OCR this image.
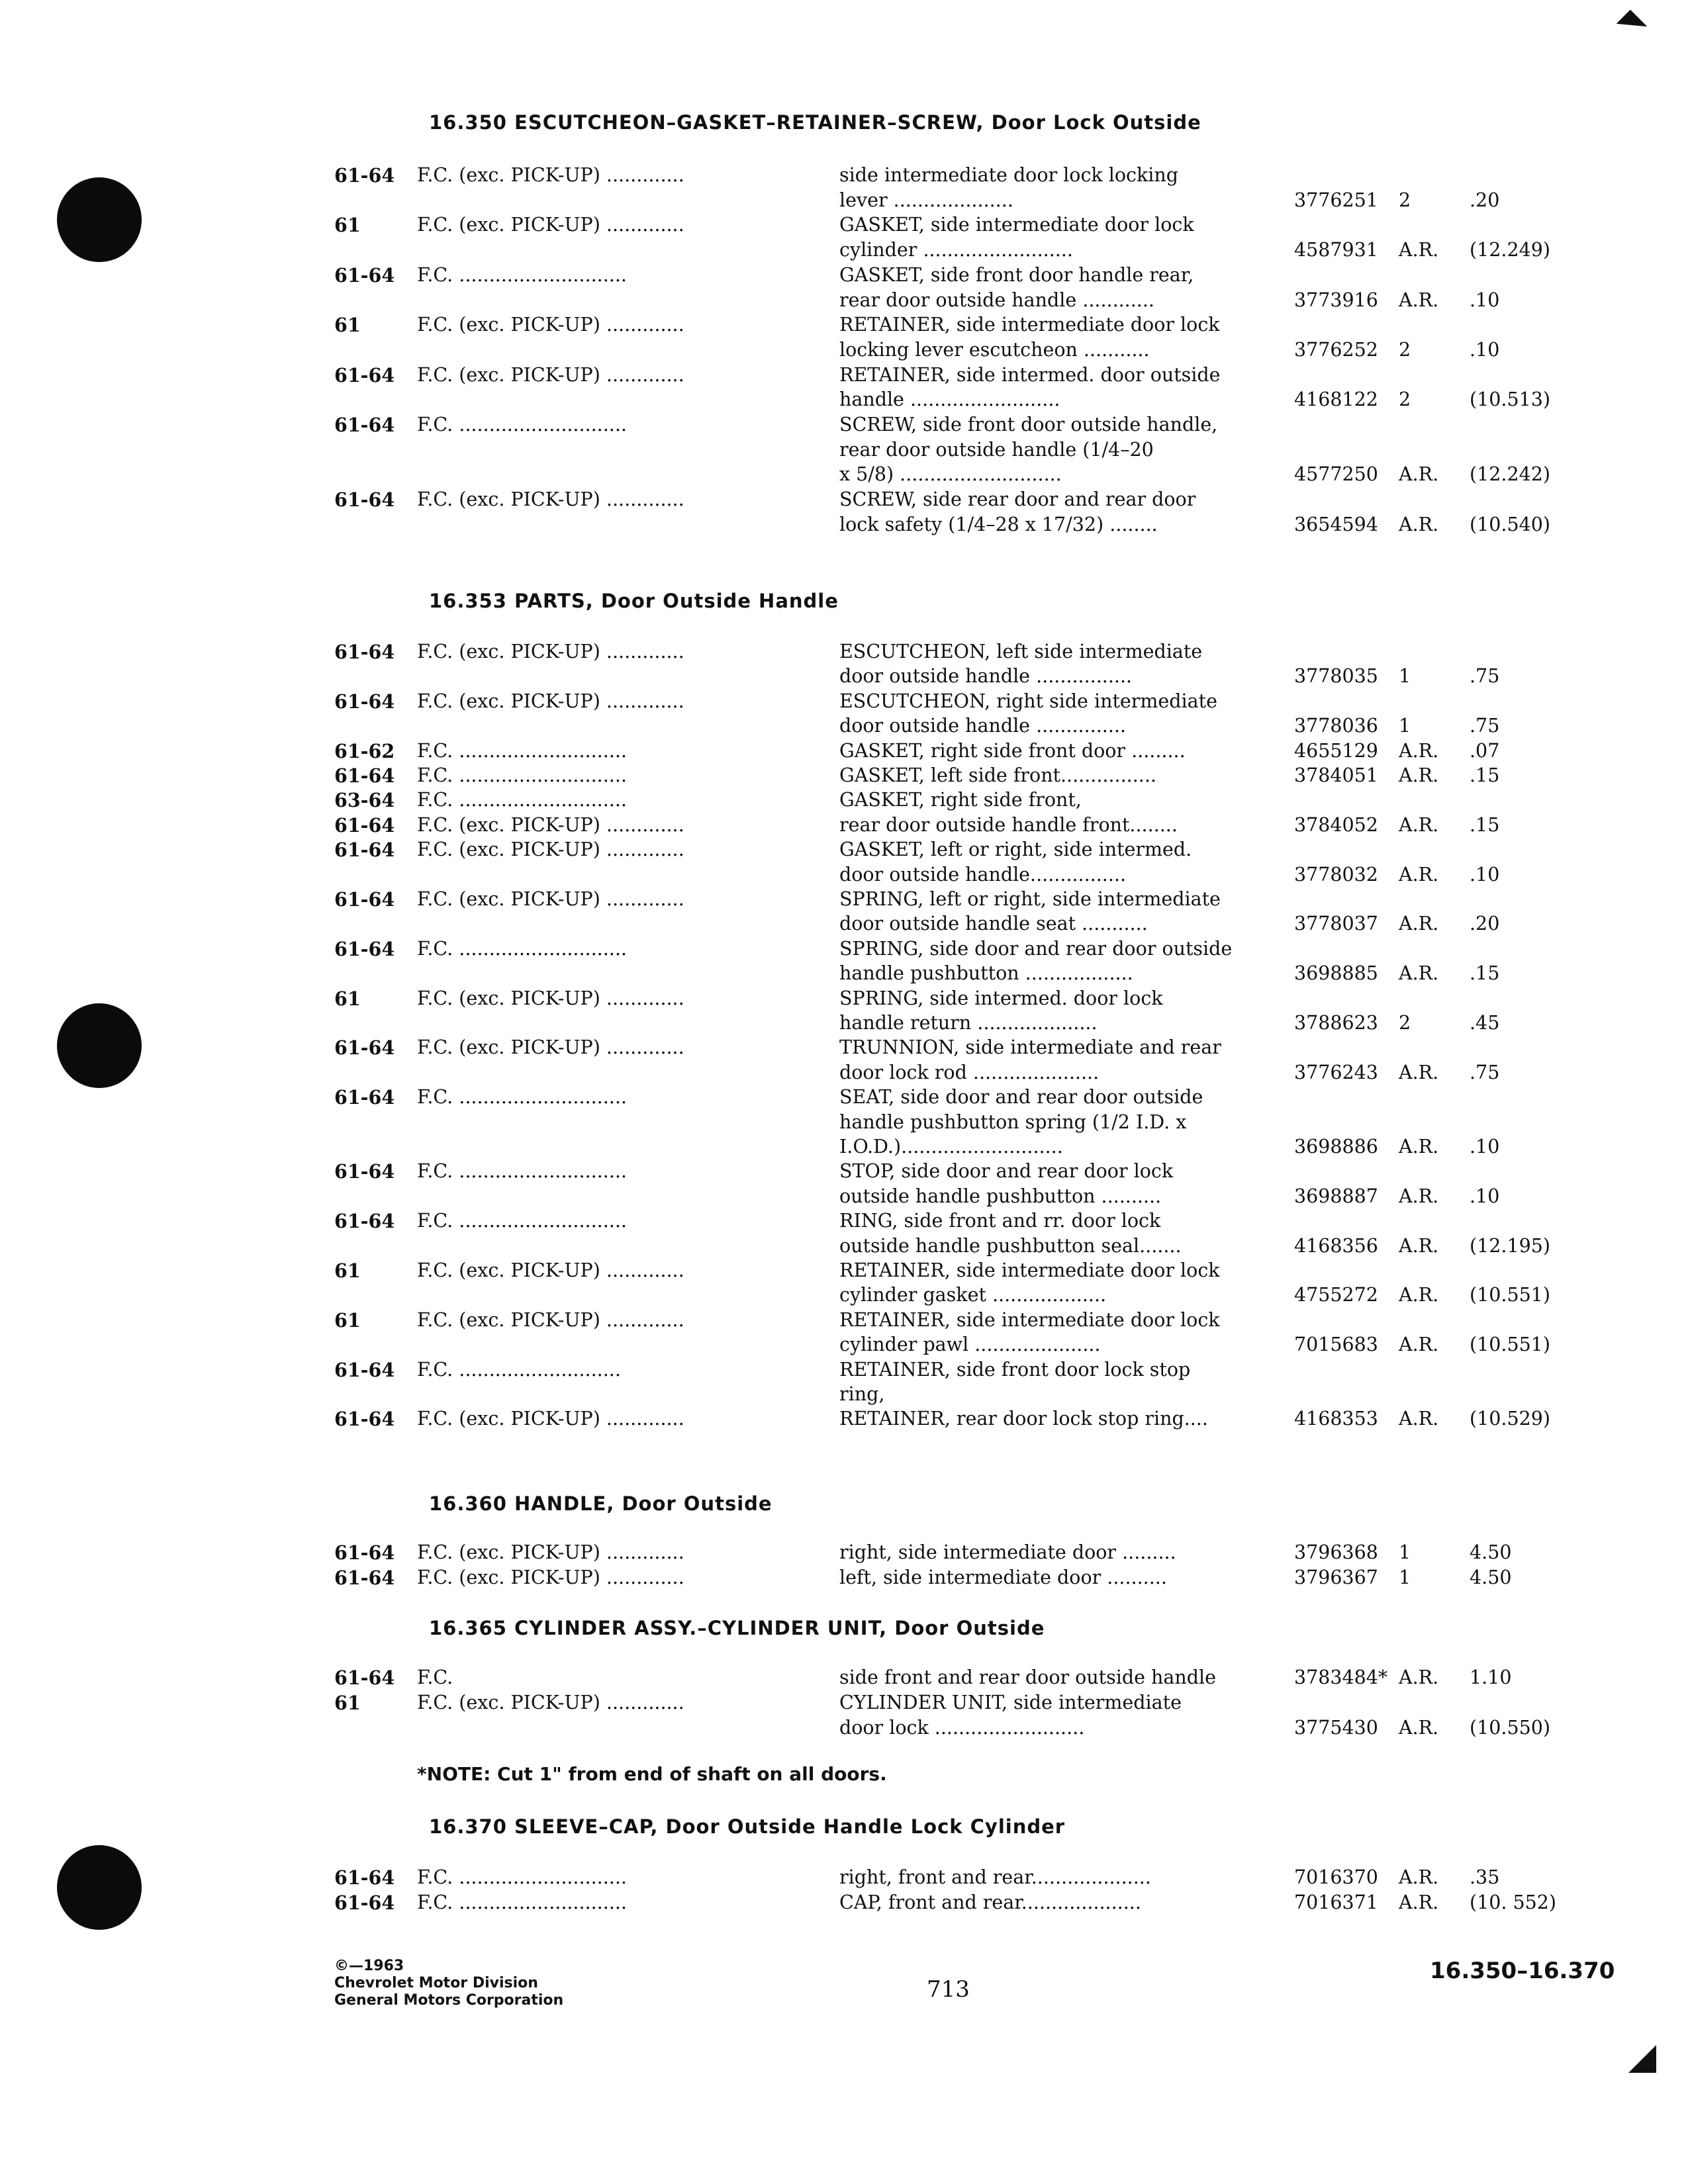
16.350 ESCUTCHEON–GASKET–RETAINER–SCREW, Door Lock Outside
61-64 F.C. (exc. PICK-UP) .............	side intermediate door lock locking
lever ....................	3776251 2	.20
61	F.C. (exc. PICK-UP) .............	GASKET, side intermediate door lock
cylinder .........................	4587931 A.R. (12.249)
61-64 F.C. ............................	GASKET, side front door handle rear,
rear door outside handle ............	3773916 A.R. .10
61	F.C. (exc. PICK-UP) .............	RETAINER, side intermediate door lock
locking lever escutcheon ...........	3776252 2	.10
61-64 F.C. (exc. PICK-UP) .............	RETAINER, side intermed. door outside
handle .........................	4168122 2	(10.513)
61-64 F.C. ............................	SCREW, side front door outside handle,
rear door outside handle (1/4–20
x 5/8) ...........................	4577250 A.R. (12.242)
61-64 F.C. (exc. PICK-UP) .............	SCREW, side rear door and rear door
lock safety (1/4–28 x 17/32) ........	3654594 A.R. (10.540)
16.353 PARTS, Door Outside Handle
61-64 F.C. (exc. PICK-UP) .............	ESCUTCHEON, left side intermediate
door outside handle ................	3778035 1	.75
61-64 F.C. (exc. PICK-UP) .............	ESCUTCHEON, right side intermediate
door outside handle ...............	3778036 1	.75
61-62 F.C. ............................	GASKET, right side front door .........	4655129 A.R. .07
61-64 F.C. ............................	GASKET, left side front................	3784051 A.R. .15
63-64 F.C. ............................	GASKET, right side front,
61-64 F.C. (exc. PICK-UP) .............	rear door outside handle front........	3784052 A.R. .15
61-64 F.C. (exc. PICK-UP) .............	GASKET, left or right, side intermed.
door outside handle................	3778032 A.R. .10
61-64 F.C. (exc. PICK-UP) .............	SPRING, left or right, side intermediate
door outside handle seat ...........	3778037 A.R. .20
61-64 F.C. ............................	SPRING, side door and rear door outside
handle pushbutton ..................	3698885 A.R. .15
61	F.C. (exc. PICK-UP) .............	SPRING, side intermed. door lock
handle return ....................	3788623 2	.45
61-64 F.C. (exc. PICK-UP) .............	TRUNNION, side intermediate and rear
door lock rod .....................	3776243 A.R. .75
61-64 F.C. ............................	SEAT, side door and rear door outside
handle pushbutton spring (1/2 I.D. x
I.O.D.)...........................	3698886 A.R. .10
61-64 F.C. ............................	STOP, side door and rear door lock
outside handle pushbutton ..........	3698887 A.R. .10
61-64 F.C. ............................	RING, side front and rr. door lock
outside handle pushbutton seal.......	4168356 A.R. (12.195)
61	F.C. (exc. PICK-UP) .............	RETAINER, side intermediate door lock
cylinder gasket ...................	4755272 A.R. (10.551)
61	F.C. (exc. PICK-UP) .............	RETAINER, side intermediate door lock
cylinder pawl .....................	7015683 A.R. (10.551)
61-64 F.C. ...........................	RETAINER, side front door lock stop
ring,
61-64 F.C. (exc. PICK-UP) .............	RETAINER, rear door lock stop ring....	4168353 A.R. (10.529)
16.360 HANDLE, Door Outside
61-64 F.C. (exc. PICK-UP) .............	right, side intermediate door .........	3796368 1	4.50
61-64 F.C. (exc. PICK-UP) .............	left, side intermediate door ..........	3796367 1	4.50
16.365 CYLINDER ASSY.–CYLINDER UNIT, Door Outside
61-64 F.C.	side front and rear door outside handle	3783484* A.R. 1.10
61	F.C. (exc. PICK-UP) .............	CYLINDER UNIT, side intermediate
door lock .........................	3775430 A.R. (10.550)
*NOTE: Cut 1" from end of shaft on all doors.
16.370 SLEEVE–CAP, Door Outside Handle Lock Cylinder
61-64 F.C. ............................	right, front and rear....................	7016370 A.R. .35
61-64 F.C. ............................	CAP, front and rear....................	7016371 A.R. (10. 552)
©—1963
Chevrolet Motor Division
General Motors Corporation	713
16.350–16.370
